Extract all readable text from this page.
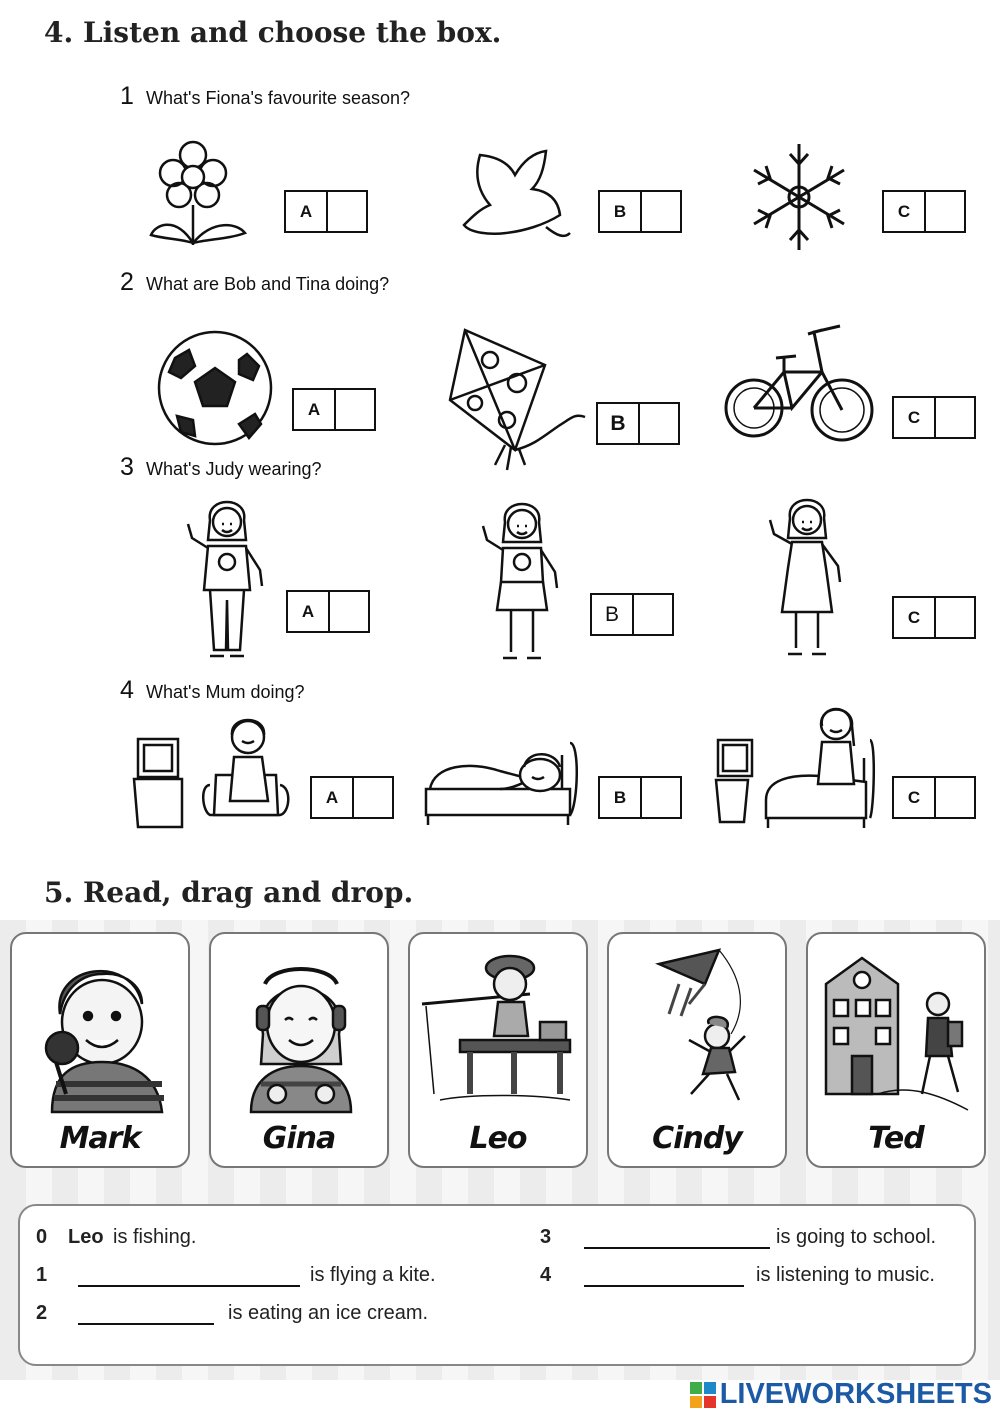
4. Listen and choose the box.
1 What's Fiona's favourite season?
A	B	C
2 What are Bob and Tina doing?
A
B	C
3 What's Judy wearing?
A	B	C
4 What's Mum doing?
A	B	C
5. Read, drag and drop.
Mark	Gina	Leo	Cindy	Ted
0 Leo is fishing.
1	is flying a kite.
2	is eating an ice cream.
3	is going to school.
4	is listening to music.
LIVEWORKSHEETS
